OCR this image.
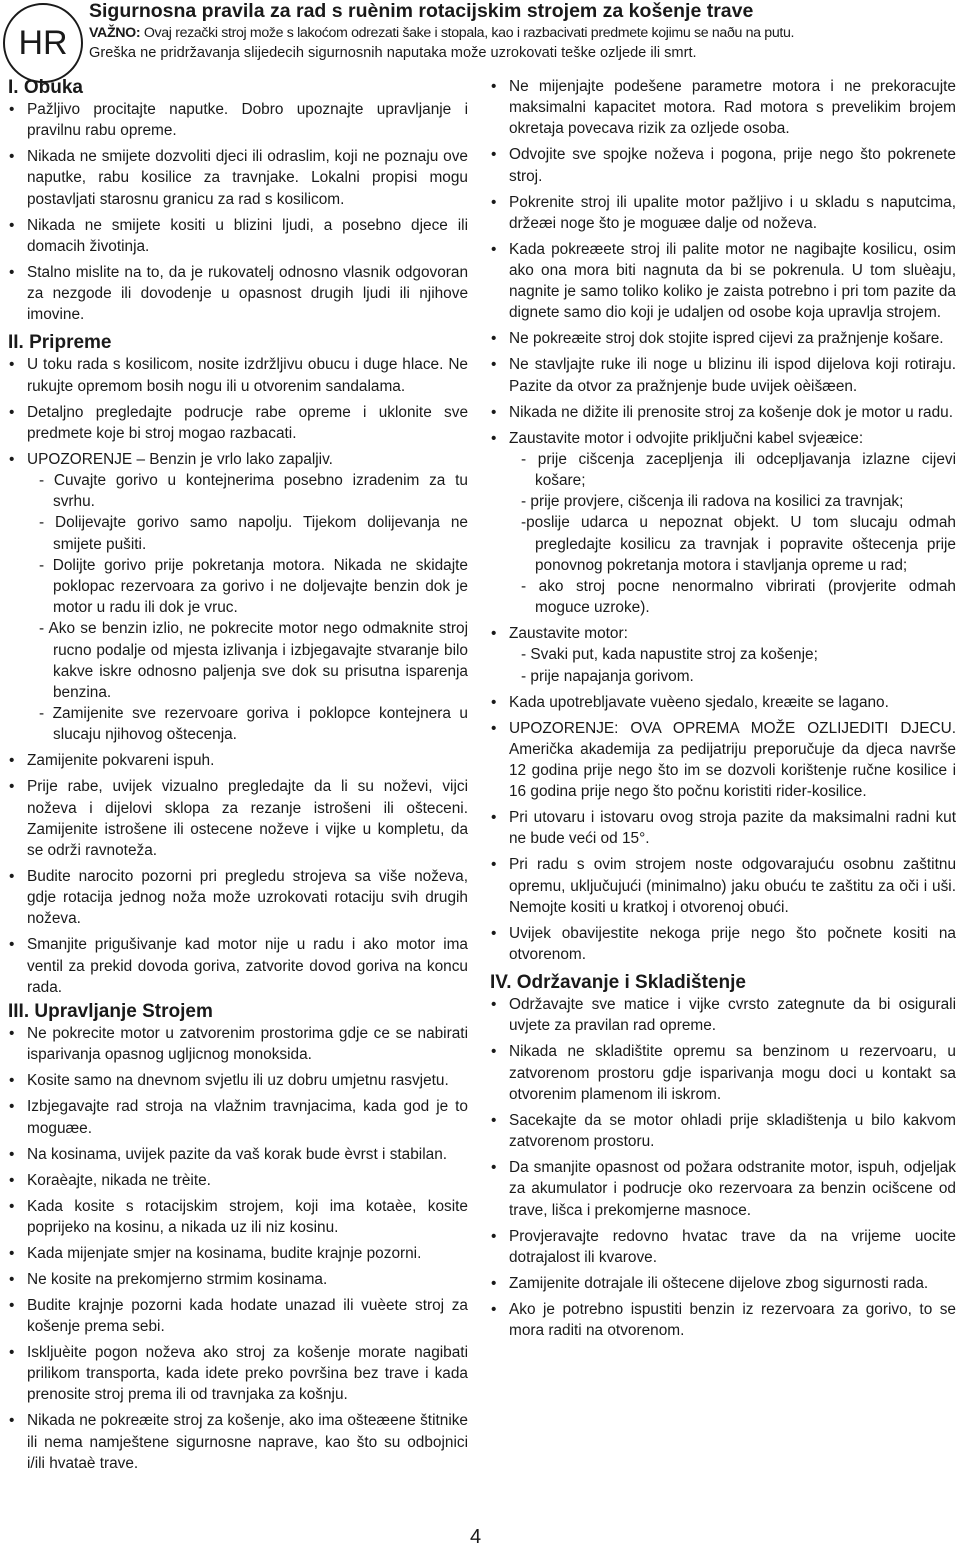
HR
Sigurnosna pravila za rad s ruènim rotacijskim strojem za košenje trave
VAŽNO: Ovaj rezački stroj može s lakoćom odrezati šake i stopala, kao i razbacivati predmete kojimu se naðu na putu.
Greška ne pridržavanja slijedecih sigurnosnih naputaka može uzrokovati teške ozljede ili smrt.
I. Obuka
• Pažljivo procitajte naputke. Dobro upoznajte upravljanje i pravilnu rabu opreme.
• Nikada ne smijete dozvoliti djeci ili odraslim, koji ne poznaju ove naputke, rabu kosilice za travnjake. Lokalni propisi mogu postavljati starosnu granicu za rad s kosilicom.
• Nikada ne smijete kositi u blizini ljudi, a posebno djece ili domacih životinja.
• Stalno mislite na to, da je rukovatelj odnosno vlasnik odgovoran za nezgode ili dovodenje u opasnost drugih ljudi ili njihove imovine.
II. Pripreme
• U toku rada s kosilicom, nosite izdržljivu obucu i duge hlace. Ne rukujte opremom bosih nogu ili u otvorenim sandalama.
• Detaljno pregledajte podrucje rabe opreme i uklonite sve predmete koje bi stroj mogao razbacati.
• UPOZORENJE – Benzin je vrlo lako zapaljiv.
- Cuvajte gorivo u kontejnerima posebno izradenim za tu svrhu.
- Dolijevajte gorivo samo napolju. Tijekom dolijevanja ne smijete pušiti.
- Dolijte gorivo prije pokretanja motora. Nikada ne skidajte poklopac rezervoara za gorivo i ne doljevajte benzin dok je motor u radu ili dok je vruc.
- Ako se benzin izlio, ne pokrecite motor nego odmaknite stroj rucno podalje od mjesta izlivanja i izbjegavajte stvaranje bilo kakve iskre odnosno paljenja sve dok su prisutna isparenja benzina.
- Zamijenite sve rezervoare goriva i poklopce kontejnera u slucaju njihovog oštecenja.
• Zamijenite pokvareni ispuh.
• Prije rabe, uvijek vizualno pregledajte da li su noževi, vijci noževa i dijelovi sklopa za rezanje istrošeni ili ošteceni. Zamijenite istrošene ili ostecene noževe i vijke u kompletu, da se održi ravnoteža.
• Budite narocito pozorni pri pregledu strojeva sa više noževa, gdje rotacija jednog noža može uzrokovati rotaciju svih drugih noževa.
• Smanjite prigušivanje kad motor nije u radu i ako motor ima ventil za prekid dovoda goriva, zatvorite dovod goriva na koncu rada.
III. Upravljanje Strojem
• Ne pokrecite motor u zatvorenim prostorima gdje ce se nabirati isparivanja opasnog ugljicnog monoksida.
• Kosite samo na dnevnom svjetlu ili uz dobru umjetnu rasvjetu.
• Izbjegavajte rad stroja na vlažnim travnjacima, kada god je to moguæe.
• Na kosinama, uvijek pazite da vaš korak bude èvrst i stabilan.
• Koraèajte, nikada ne trèite.
• Kada kosite s rotacijskim strojem, koji ima kotaèe, kosite poprijeko na kosinu, a nikada uz ili niz kosinu.
• Kada mijenjate smjer na kosinama, budite krajnje pozorni.
• Ne kosite na prekomjerno strmim kosinama.
• Budite krajnje pozorni kada hodate unazad ili vuèete stroj za košenje prema sebi.
• Iskljuèite pogon noževa ako stroj za košenje morate nagibati prilikom transporta, kada idete preko površina bez trave i kada prenosite stroj prema ili od travnjaka za košnju.
• Nikada ne pokreæite stroj za košenje, ako ima ošteæene štitnike ili nema namještene sigurnosne naprave, kao što su odbojnici i/ili hvataè trave.
• Ne mijenjajte podešene parametre motora i ne prekoracujte maksimalni kapacitet motora. Rad motora s prevelikim brojem okretaja povecava rizik za ozljede osoba.
• Odvojite sve spojke noževa i pogona, prije nego što pokrenete stroj.
• Pokrenite stroj ili upalite motor pažljivo i u skladu s naputcima, držeæi noge što je moguæe dalje od noževa.
• Kada pokreæete stroj ili palite motor ne nagibajte kosilicu, osim ako ona mora biti nagnuta da bi se pokrenula. U tom sluèaju, nagnite je samo toliko koliko je zaista potrebno i pri tom pazite da dignete samo dio koji je udaljen od osobe koja upravlja strojem.
• Ne pokreæite stroj dok stojite ispred cijevi za pražnjenje košare.
• Ne stavljajte ruke ili noge u blizinu ili ispod dijelova koji rotiraju. Pazite da otvor za pražnjenje bude uvijek oèišæen.
• Nikada ne dižite ili prenosite stroj za košenje dok je motor u radu.
• Zaustavite motor i odvojite priključni kabel svjeæice:
- prije cišcenja zacepljenja ili odcepljavanja izlazne cijevi košare;
- prije provjere, cišcenja ili radova na kosilici za travnjak;
-poslije udarca u nepoznat objekt. U tom slucaju odmah pregledajte kosilicu za travnjak i popravite oštecenja prije ponovnog pokretanja motora i stavljanja opreme u rad;
- ako stroj pocne nenormalno vibrirati (provjerite odmah moguce uzroke).
• Zaustavite motor:
- Svaki put, kada napustite stroj za košenje;
- prije napajanja gorivom.
• Kada upotrebljavate vuèeno sjedalo, kreæite se lagano.
• UPOZORENJE: OVA OPREMA MOŽE OZLIJEDITI DJECU. Američka akademija za pedijatriju preporučuje da djeca navrše 12 godina prije nego što im se dozvoli korištenje ručne kosilice i 16 godina prije nego što počnu koristiti rider-kosilice.
• Pri utovaru i istovaru ovog stroja pazite da maksimalni radni kut ne bude veći od 15°.
• Pri radu s ovim strojem noste odgovarajuću osobnu zaštitnu opremu, uključujući (minimalno) jaku obuću te zaštitu za oči i uši. Nemojte kositi u kratkoj i otvorenoj obući.
• Uvijek obavijestite nekoga prije nego što počnete kositi na otvorenom.
IV. Održavanje i Skladištenje
• Održavajte sve matice i vijke cvrsto zategnute da bi osigurali uvjete za pravilan rad opreme.
• Nikada ne skladištite opremu sa benzinom u rezervoaru, u zatvorenom prostoru gdje isparivanja mogu doci u kontakt sa otvorenim plamenom ili iskrom.
• Sacekajte da se motor ohladi prije skladištenja u bilo kakvom zatvorenom prostoru.
• Da smanjite opasnost od požara odstranite motor, ispuh, odjeljak za akumulator i podrucje oko rezervoara za benzin ocišcene od trave, lišca i prekomjerne masnoce.
• Provjeravajte redovno hvatac trave da na vrijeme uocite dotrajalost ili kvarove.
• Zamijenite dotrajale ili oštecene dijelove zbog sigurnosti rada.
• Ako je potrebno ispustiti benzin iz rezervoara za gorivo, to se mora raditi na otvorenom.
4
